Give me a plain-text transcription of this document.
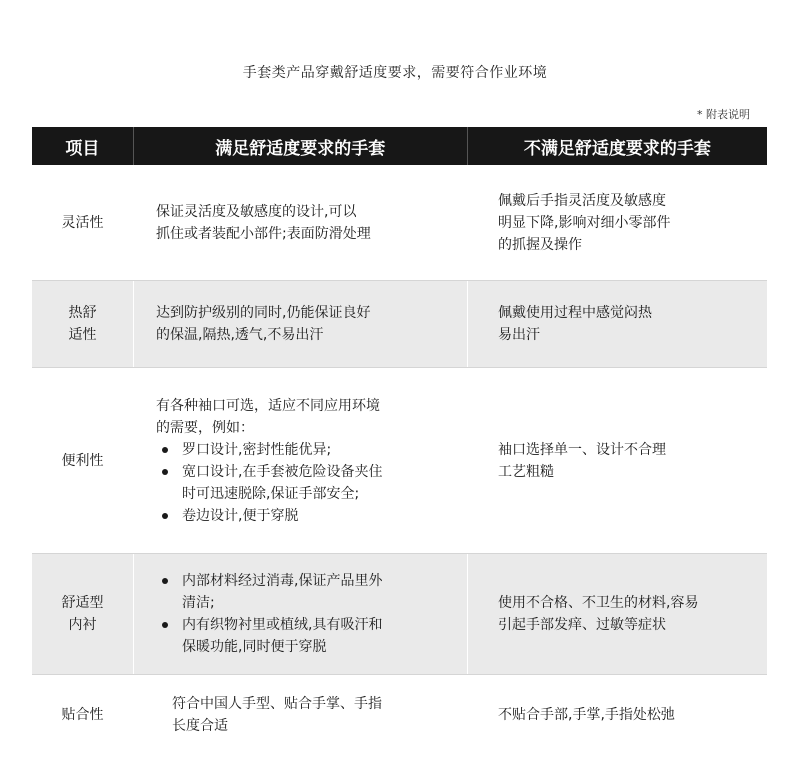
手套类产品穿戴舒适度要求，需要符合作业环境
* 附表说明
项目	满足舒适度要求的手套	不满足舒适度要求的手套
灵活性
保证灵活度及敏感度的设计,可以
抓住或者装配小部件;表面防滑处理
佩戴后手指灵活度及敏感度
明显下降,影响对细小零部件
的抓握及操作
热舒
适性
达到防护级别的同时,仍能保证良好
的保温,隔热,透气,不易出汗
佩戴使用过程中感觉闷热
易出汗
便利性
有各种袖口可选，适应不同应用环境
的需要，例如：
罗口设计,密封性能优异;
宽口设计,在手套被危险设备夹住
时可迅速脱除,保证手部安全;
卷边设计,便于穿脱
袖口选择单一、设计不合理
工艺粗糙
舒适型
内衬
内部材料经过消毒,保证产品里外
清洁;
内有织物衬里或植绒,具有吸汗和
保暖功能,同时便于穿脱
使用不合格、不卫生的材料,容易
引起手部发痒、过敏等症状
贴合性
符合中国人手型、贴合手掌、手指
长度合适
不贴合手部,手掌,手指处松弛
